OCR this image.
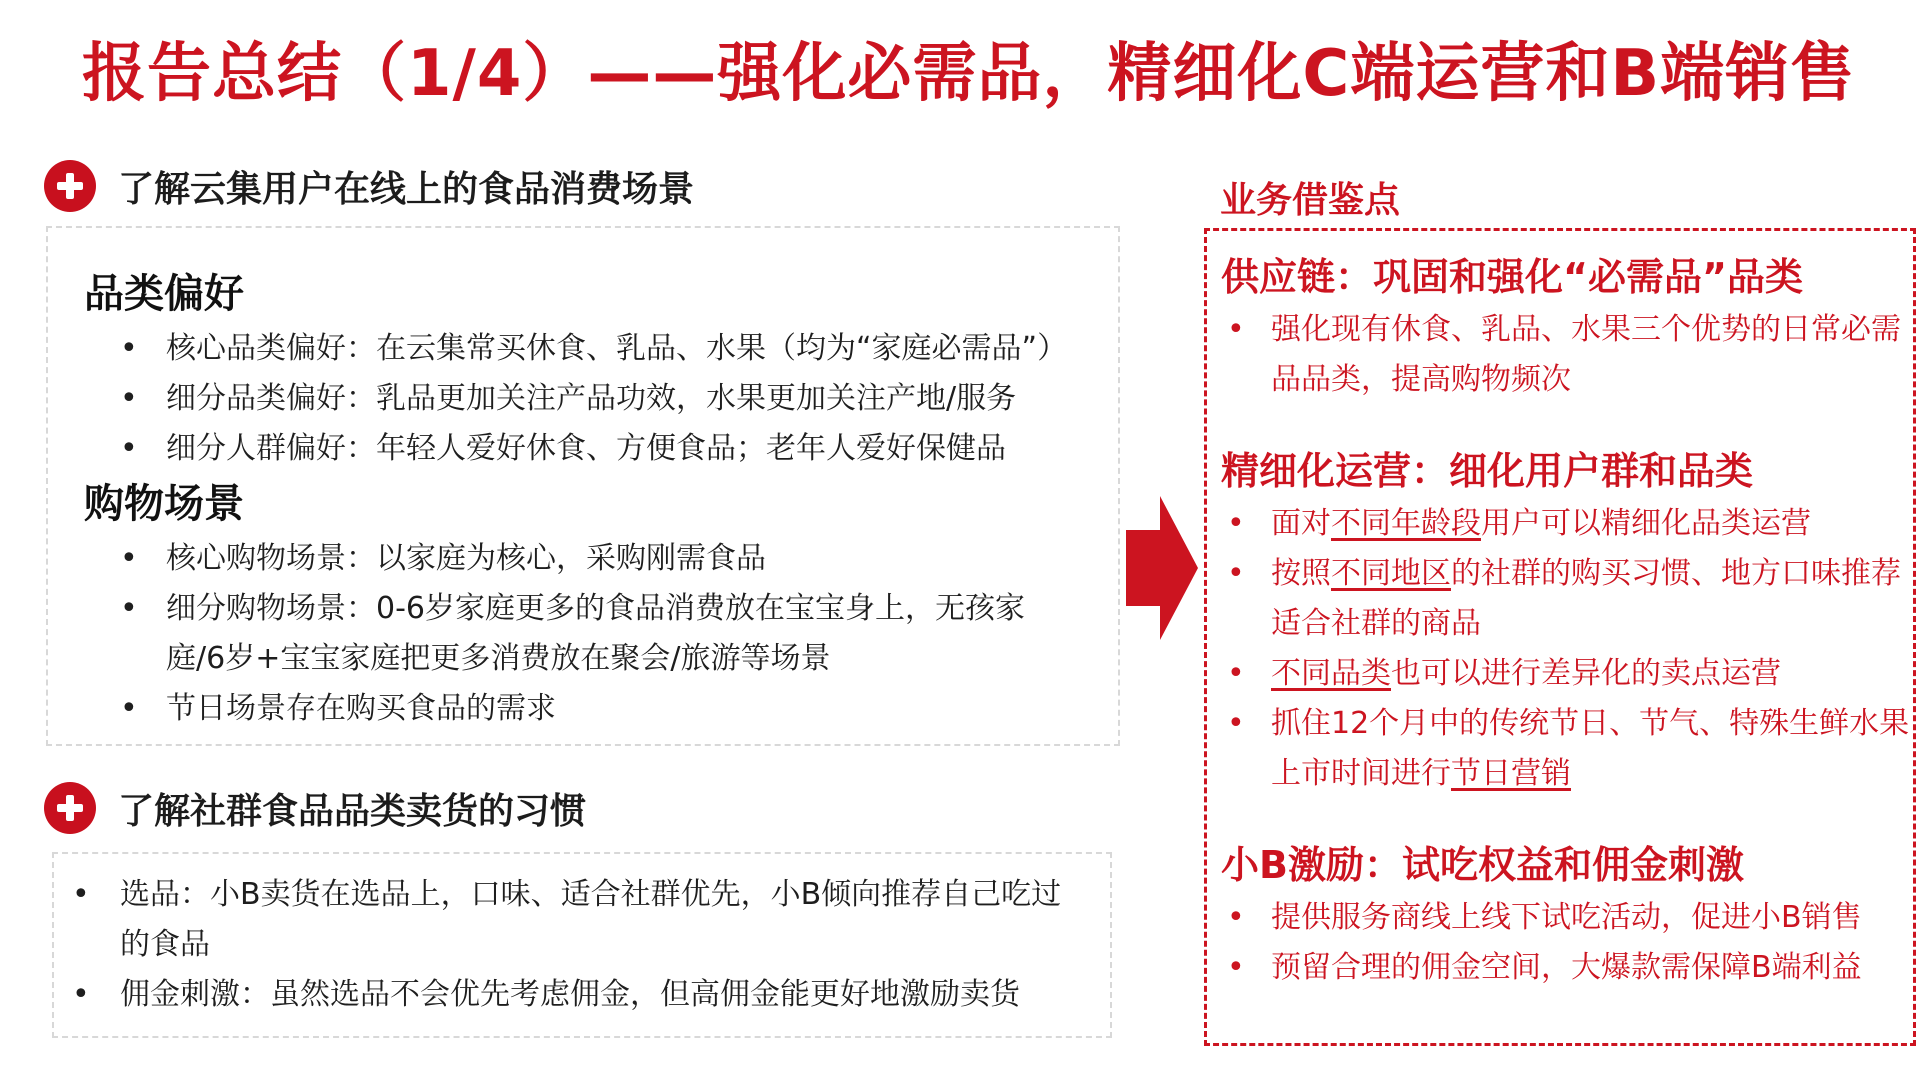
报告总结（1/4）——强化必需品，精细化C端运营和B端销售
了解云集用户在线上的食品消费场景
品类偏好
• 核心品类偏好：在云集常买休食、乳品、水果（均为“家庭必需品”）
• 细分品类偏好：乳品更加关注产品功效，水果更加关注产地/服务
• 细分人群偏好：年轻人爱好休食、方便食品；老年人爱好保健品
购物场景
• 核心购物场景：以家庭为核心，采购刚需食品
• 细分购物场景：0-6岁家庭更多的食品消费放在宝宝身上，无孩家庭/6岁+宝宝家庭把更多消费放在聚会/旅游等场景
• 节日场景存在购买食品的需求
了解社群食品品类卖货的习惯
• 选品：小B卖货在选品上，口味、适合社群优先，小B倾向推荐自己吃过的食品
• 佣金刺激：虽然选品不会优先考虑佣金，但高佣金能更好地激励卖货
业务借鉴点
供应链：巩固和强化“必需品”品类
• 强化现有休食、乳品、水果三个优势的日常必需品品类，提高购物频次
精细化运营：细化用户群和品类
• 面对不同年龄段用户可以精细化品类运营
• 按照不同地区的社群的购买习惯、地方口味推荐适合社群的商品
• 不同品类也可以进行差异化的卖点运营
• 抓住12个月中的传统节日、节气、特殊生鲜水果上市时间进行节日营销
小B激励：试吃权益和佣金刺激
• 提供服务商线上线下试吃活动，促进小B销售
• 预留合理的佣金空间，大爆款需保障B端利益
